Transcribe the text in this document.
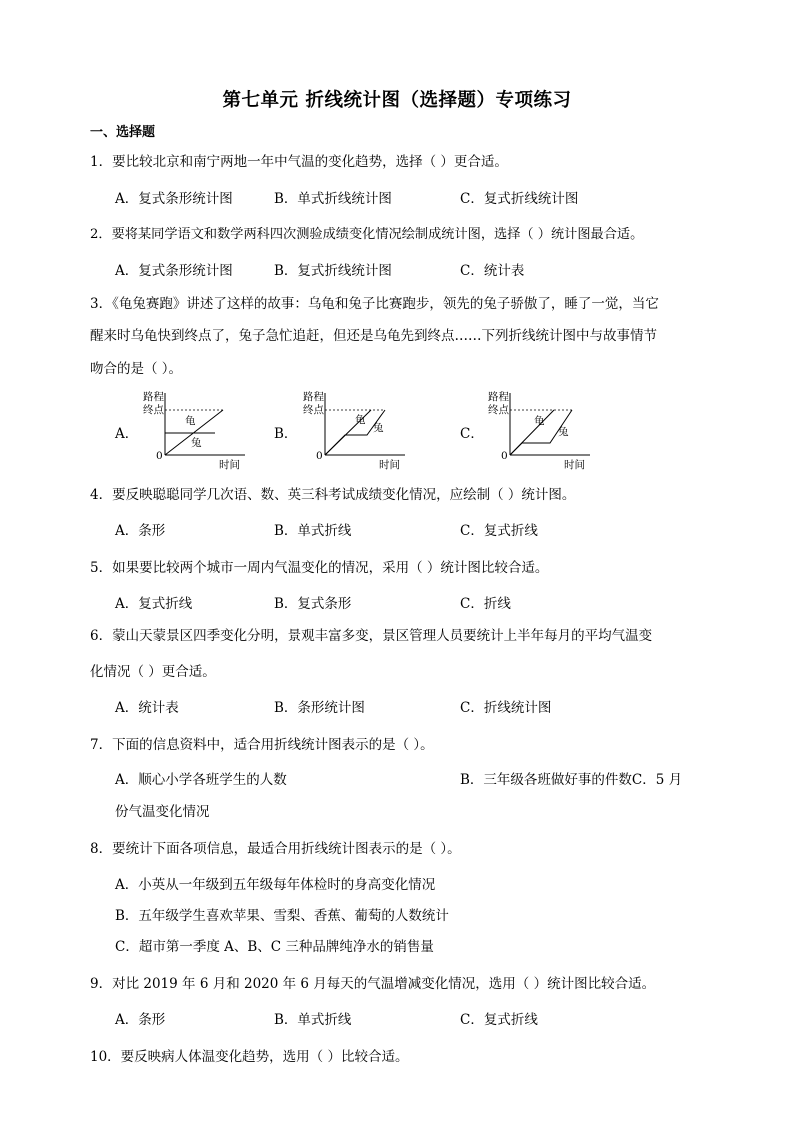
第七单元 折线统计图（选择题）专项练习
一、选择题
1．要比较北京和南宁两地一年中气温的变化趋势，选择（ ）更合适。
A．复式条形统计图	B．单式折线统计图	C．复式折线统计图
2．要将某同学语文和数学两科四次测验成绩变化情况绘制成统计图，选择（ ）统计图最合适。
A．复式条形统计图	B．复式折线统计图	C．统计表
3．《龟兔赛跑》讲述了这样的故事：乌龟和兔子比赛跑步，领先的兔子骄傲了，睡了一觉，当它
醒来时乌龟快到终点了，兔子急忙追赶，但还是乌龟先到终点……下列折线统计图中与故事情节
吻合的是（ ）。
A．	B．	C．
路程
终点
龟
兔
0
时间
路程
终点
龟
兔
0
时间
路程
终点
龟
兔
0
时间
4．要反映聪聪同学几次语、数、英三科考试成绩变化情况，应绘制（ ）统计图。
A．条形	B．单式折线	C．复式折线
5．如果要比较两个城市一周内气温变化的情况，采用（ ）统计图比较合适。
A．复式折线	B．复式条形	C．折线
6．蒙山天蒙景区四季变化分明，景观丰富多变，景区管理人员要统计上半年每月的平均气温变
化情况（ ）更合适。
A．统计表	B．条形统计图	C．折线统计图
7．下面的信息资料中，适合用折线统计图表示的是（ ）。
A．顺心小学各班学生的人数	B．三年级各班做好事的件数C．5 月
份气温变化情况
8．要统计下面各项信息，最适合用折线统计图表示的是（ ）。
A．小英从一年级到五年级每年体检时的身高变化情况
B．五年级学生喜欢苹果、雪梨、香蕉、葡萄的人数统计
C．超市第一季度 A、B、C 三种品牌纯净水的销售量
9．对比 2019 年 6 月和 2020 年 6 月每天的气温增减变化情况，选用（ ）统计图比较合适。
A．条形	B．单式折线	C．复式折线
10．要反映病人体温变化趋势，选用（ ）比较合适。
